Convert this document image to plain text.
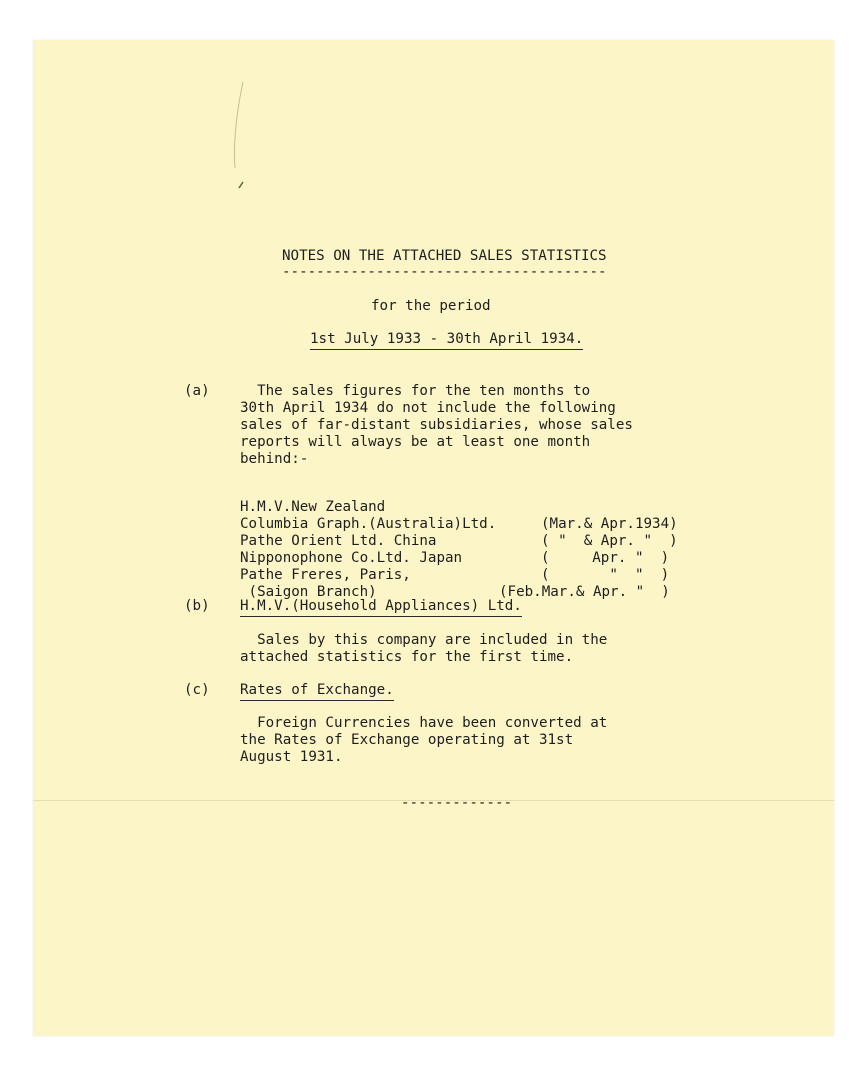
NOTES ON THE ATTACHED SALES STATISTICS
--------------------------------------
for the period
1st July 1933 - 30th April 1934.
(a) The sales figures for the ten months to
30th April 1934 do not include the following
sales of far-distant subsidiaries, whose sales
reports will always be at least one month
behind:-

H.M.V.New Zealand

(Mar.& Apr.1934)

Columbia Graph.(Australia)Ltd.

( "  & Apr. "  )

Pathe Orient Ltd. China

(     Apr. "  )

Nipponophone Co.Ltd. Japan

(       "  "  )

Pathe Freres, Paris,

(Feb.Mar.& Apr. "  )

(Saigon Branch)

(b) H.M.V.(Household Appliances) Ltd.
Sales by this company are included in the
attached statistics for the first time.
(c) Rates of Exchange.
Foreign Currencies have been converted at
the Rates of Exchange operating at 31st
August 1931.
-------------
